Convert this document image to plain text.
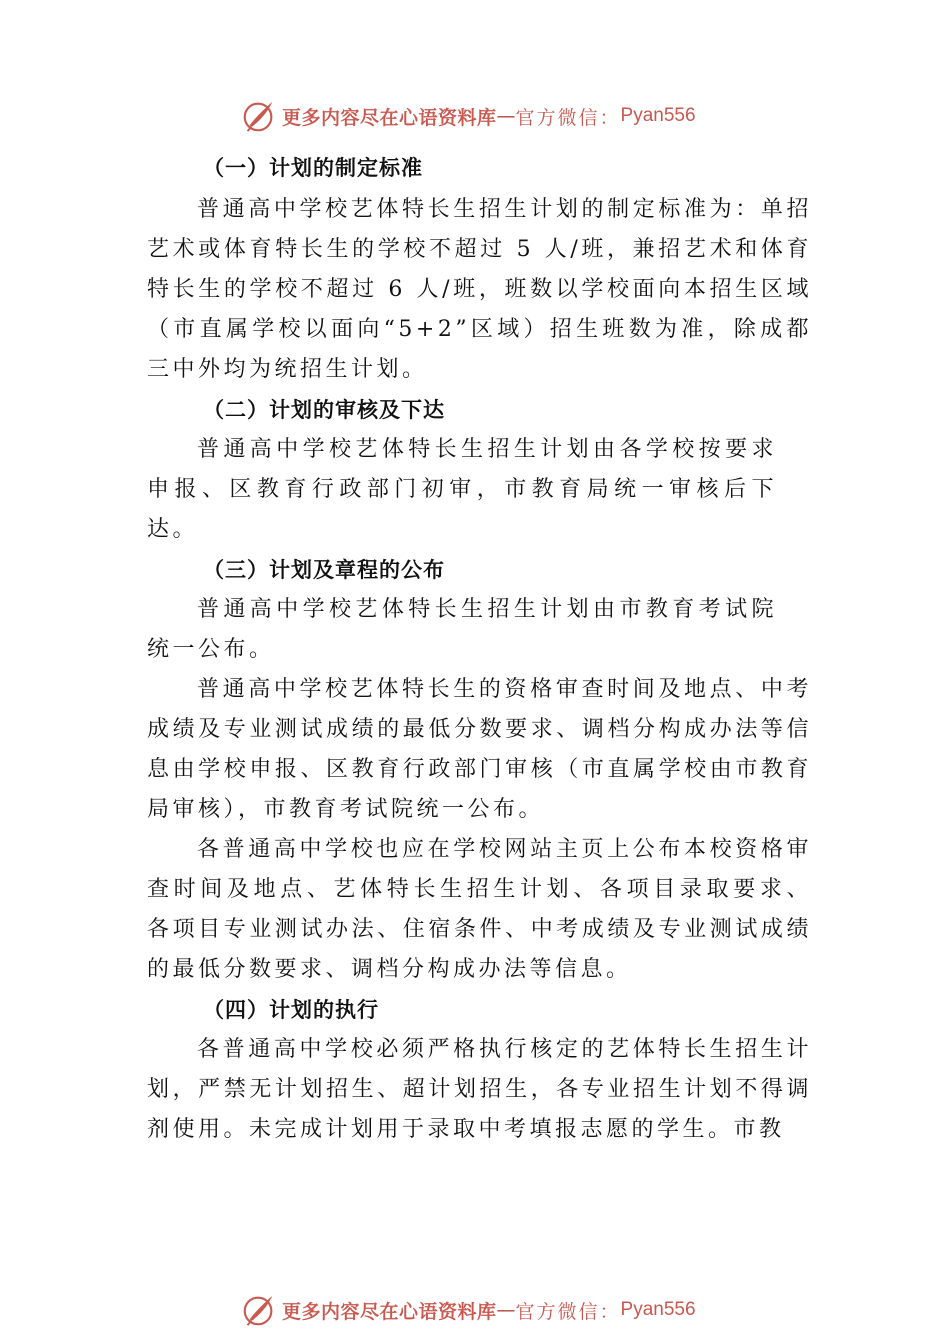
更多内容尽在心语资料库 — 官方微信： Pyan556
（一）计划的制定标准

普通高中学校艺体特长生招生计划的制定标准为：单招艺术或体育特长生的学校不超过 5 人/班，兼招艺术和体育特长生的学校不超过 6 人/班，班数以学校面向本招生区域（市直属学校以面向“5+2”区域）招生班数为准，除成都三中外均为统招生计划。

（二）计划的审核及下达

普通高中学校艺体特长生招生计划由各学校按要求申报、区教育行政部门初审，市教育局统一审核后下达。

（三）计划及章程的公布

普通高中学校艺体特长生招生计划由市教育考试院统一公布。

普通高中学校艺体特长生的资格审查时间及地点、中考成绩及专业测试成绩的最低分数要求、调档分构成办法等信息由学校申报、区教育行政部门审核（市直属学校由市教育局审核），市教育考试院统一公布。

各普通高中学校也应在学校网站主页上公布本校资格审查时间及地点、艺体特长生招生计划、各项目录取要求、 各项目专业测试办法、住宿条件、中考成绩及专业测试成绩的最低分数要求、调档分构成办法等信息。

（四）计划的执行

各普通高中学校必须严格执行核定的艺体特长生招生计划，严禁无计划招生、超计划招生，各专业招生计划不得调剂使用。未完成计划用于录取中考填报志愿的学生。市教

更多内容尽在心语资料库 — 官方微信： Pyan556
